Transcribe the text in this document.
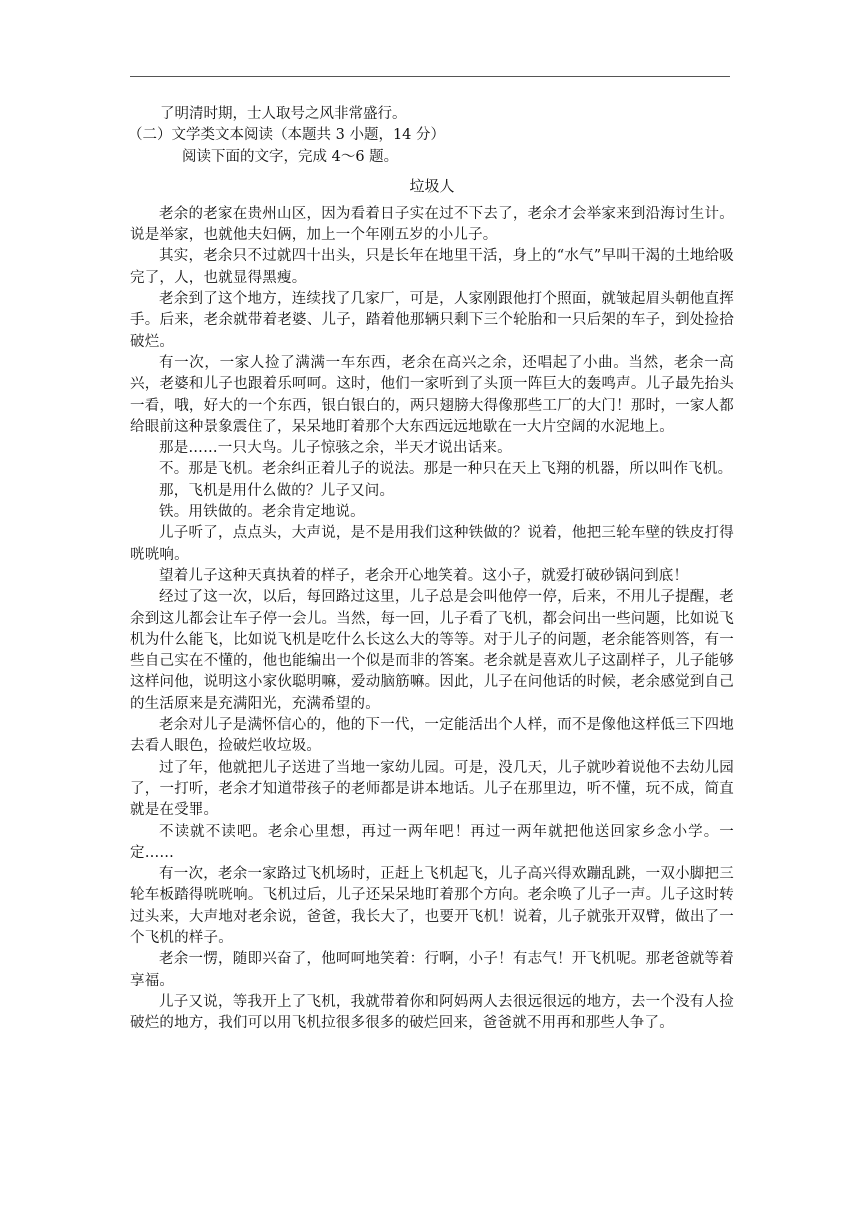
了明清时期，士人取号之风非常盛行。

（二）文学类文本阅读（本题共 3 小题，14 分）

阅读下面的文字，完成 4～6 题。

垃圾人

老余的老家在贵州山区，因为看着日子实在过不下去了，老余才会举家来到沿海讨生计。说是举家，也就他夫妇俩，加上一个年刚五岁的小儿子。

其实，老余只不过就四十出头，只是长年在地里干活，身上的“水气”早叫干渴的土地给吸完了，人，也就显得黑瘦。

老余到了这个地方，连续找了几家厂，可是，人家刚跟他打个照面，就皱起眉头朝他直挥手。后来，老余就带着老婆、儿子，踏着他那辆只剩下三个轮胎和一只后架的车子，到处捡拾破烂。

有一次，一家人捡了满满一车东西，老余在高兴之余，还唱起了小曲。当然，老余一高兴，老婆和儿子也跟着乐呵呵。这时，他们一家听到了头顶一阵巨大的轰鸣声。儿子最先抬头一看，哦，好大的一个东西，银白银白的，两只翅膀大得像那些工厂的大门！那时，一家人都给眼前这种景象震住了，呆呆地盯着那个大东西远远地歇在一大片空阔的水泥地上。

那是……一只大鸟。儿子惊骇之余，半天才说出话来。

不。那是飞机。老余纠正着儿子的说法。那是一种只在天上飞翔的机器，所以叫作飞机。

那，飞机是用什么做的？儿子又问。

铁。用铁做的。老余肯定地说。

儿子听了，点点头，大声说，是不是用我们这种铁做的？说着，他把三轮车壁的铁皮打得咣咣响。

望着儿子这种天真执着的样子，老余开心地笑着。这小子，就爱打破砂锅问到底！

经过了这一次，以后，每回路过这里，儿子总是会叫他停一停，后来，不用儿子提醒，老余到这儿都会让车子停一会儿。当然，每一回，儿子看了飞机，都会问出一些问题，比如说飞机为什么能飞，比如说飞机是吃什么长这么大的等等。对于儿子的问题，老余能答则答，有一些自己实在不懂的，他也能编出一个似是而非的答案。老余就是喜欢儿子这副样子，儿子能够这样问他，说明这小家伙聪明嘛，爱动脑筋嘛。因此，儿子在问他话的时候，老余感觉到自己的生活原来是充满阳光，充满希望的。

老余对儿子是满怀信心的，他的下一代，一定能活出个人样，而不是像他这样低三下四地去看人眼色，捡破烂收垃圾。

过了年，他就把儿子送进了当地一家幼儿园。可是，没几天，儿子就吵着说他不去幼儿园了，一打听，老余才知道带孩子的老师都是讲本地话。儿子在那里边，听不懂，玩不成，简直就是在受罪。

不读就不读吧。老余心里想，再过一两年吧！再过一两年就把他送回家乡念小学。一定……

有一次，老余一家路过飞机场时，正赶上飞机起飞，儿子高兴得欢蹦乱跳，一双小脚把三轮车板踏得咣咣响。飞机过后，儿子还呆呆地盯着那个方向。老余唤了儿子一声。儿子这时转过头来，大声地对老余说，爸爸，我长大了，也要开飞机！说着，儿子就张开双臂，做出了一个飞机的样子。

老余一愣，随即兴奋了，他呵呵地笑着：行啊，小子！有志气！开飞机呢。那老爸就等着享福。

儿子又说，等我开上了飞机，我就带着你和阿妈两人去很远很远的地方，去一个没有人捡破烂的地方，我们可以用飞机拉很多很多的破烂回来，爸爸就不用再和那些人争了。
